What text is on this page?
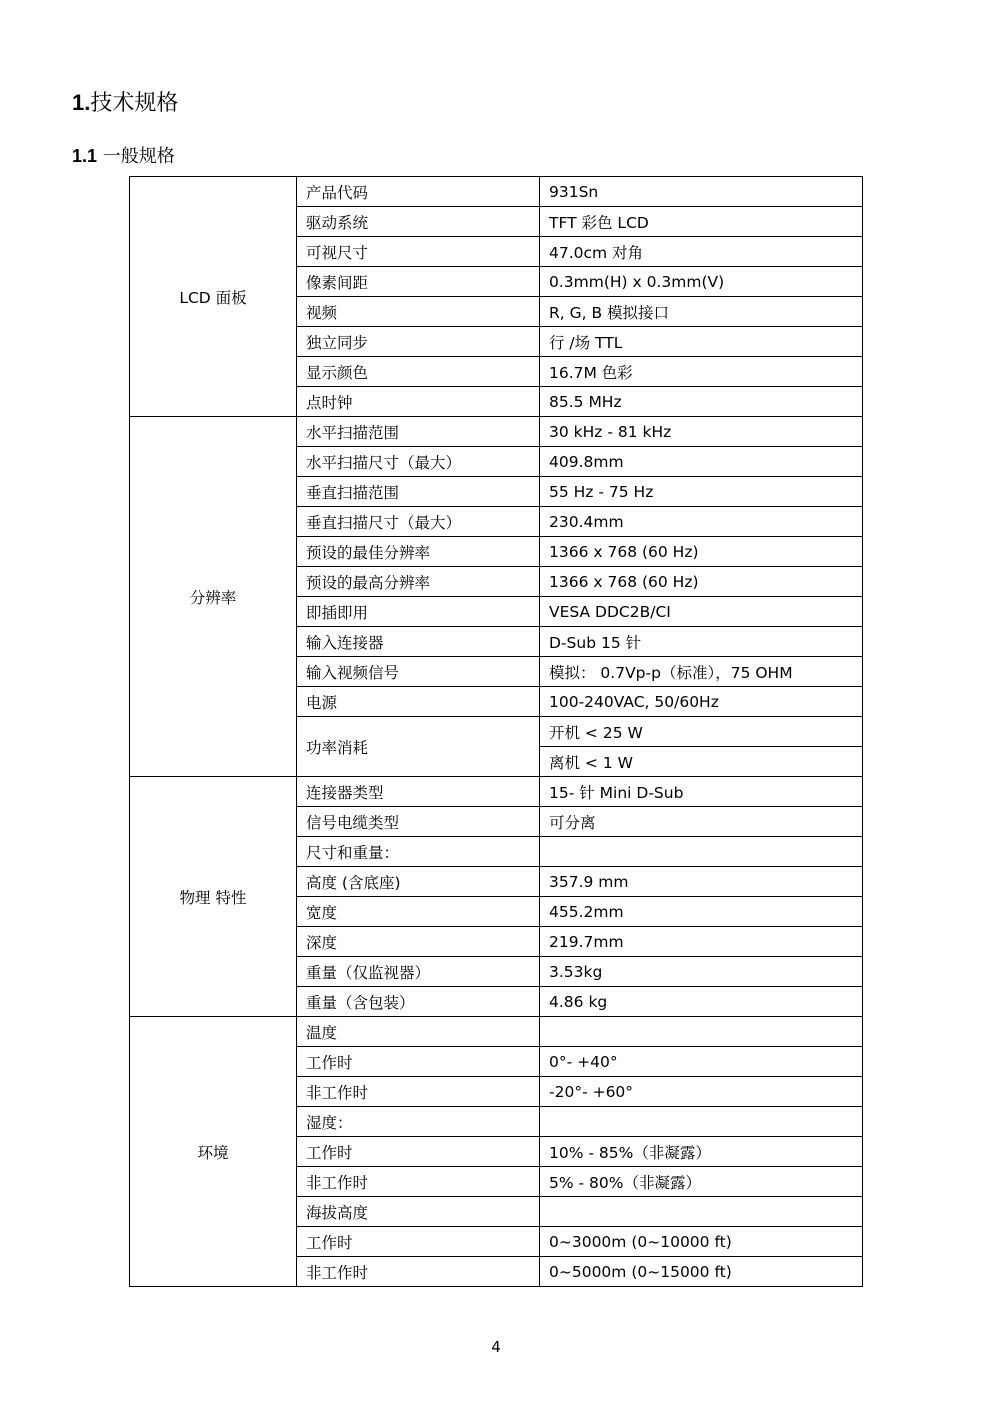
1.技术规格
1.1 一般规格
LCD 面板	产品代码	931Sn
	驱动系统	TFT 彩色 LCD
	可视尺寸	47.0cm 对角
	像素间距	0.3mm(H) x 0.3mm(V)
	视频	R, G, B 模拟接口
	独立同步	行 /场 TTL
	显示颜色	16.7M 色彩
	点时钟	85.5 MHz
分辨率	水平扫描范围	30 kHz - 81 kHz
	水平扫描尺寸（最大）	409.8mm
	垂直扫描范围	55 Hz - 75 Hz
	垂直扫描尺寸（最大）	230.4mm
	预设的最佳分辨率	1366 x 768 (60 Hz)
	预设的最高分辨率	1366 x 768 (60 Hz)
	即插即用	VESA DDC2B/CI
	输入连接器	D-Sub 15 针
	输入视频信号	模拟： 0.7Vp-p（标准），75 OHM
	电源	100-240VAC, 50/60Hz
	功率消耗	开机 < 25 W
		离机 < 1 W
物理 特性	连接器类型	15- 针 Mini D-Sub
	信号电缆类型	可分离
	尺寸和重量：	
	高度 (含底座)	357.9 mm
	宽度	455.2mm
	深度	219.7mm
	重量（仅监视器）	3.53kg
	重量（含包装）	4.86 kg
环境	温度	
	工作时	0°- +40°
	非工作时	-20°- +60°
	湿度：	
	工作时	10% - 85%（非凝露）
	非工作时	5% - 80%（非凝露）
	海拔高度	
	工作时	0~3000m (0~10000 ft)
	非工作时	0~5000m (0~15000 ft)
4
